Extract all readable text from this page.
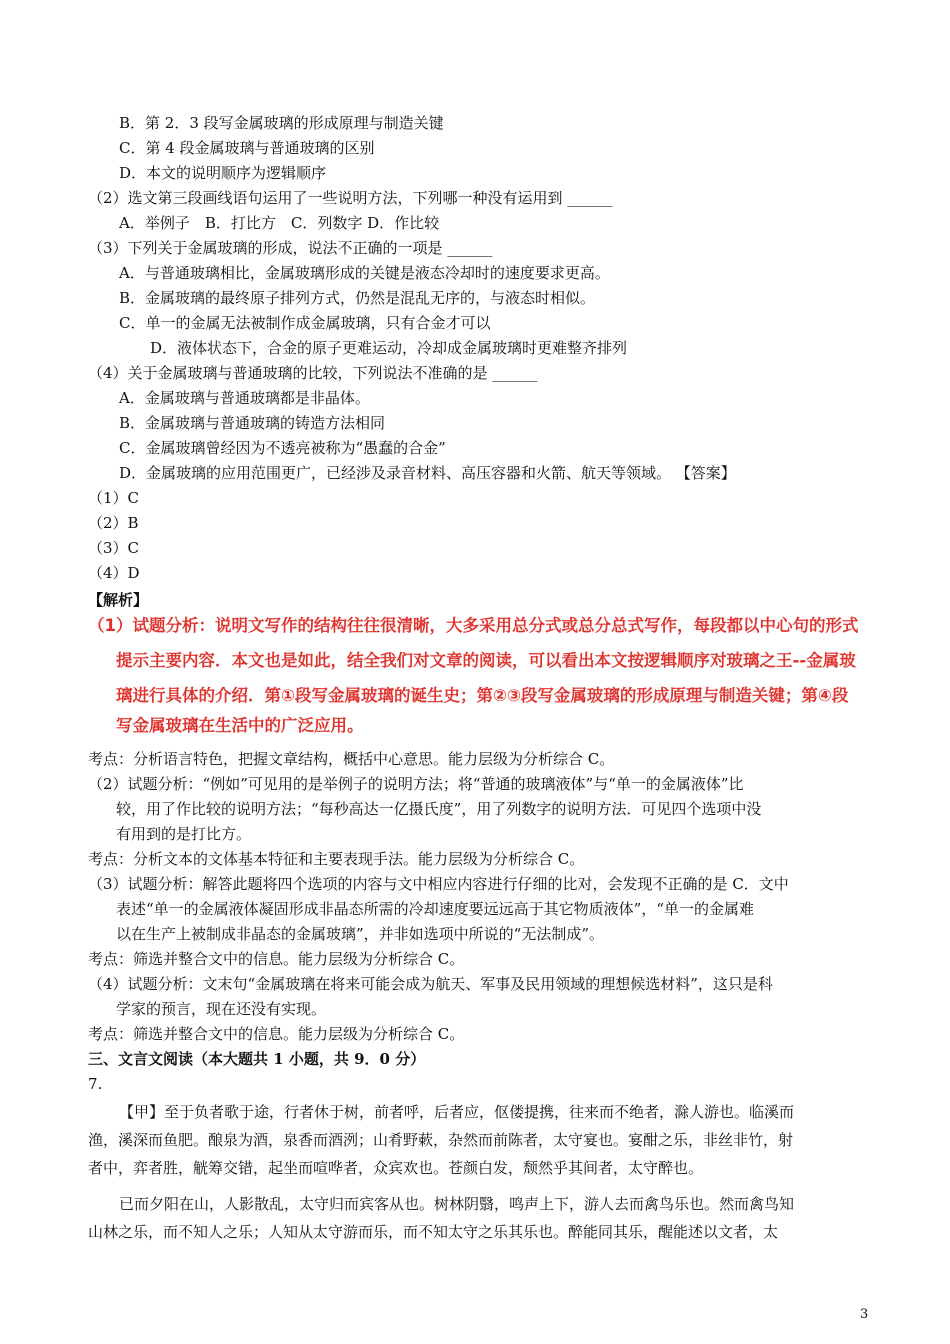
B．第 2．3 段写金属玻璃的形成原理与制造关键
C．第 4 段金属玻璃与普通玻璃的区别
D．本文的说明顺序为逻辑顺序
（2）选文第三段画线语句运用了一些说明方法，下列哪一种没有运用到 ______
A．举例子　B．打比方　C．列数字 D．作比较
（3）下列关于金属玻璃的形成，说法不正确的一项是 ______
A．与普通玻璃相比，金属玻璃形成的关键是液态冷却时的速度要求更高。
B．金属玻璃的最终原子排列方式，仍然是混乱无序的，与液态时相似。
C．单一的金属无法被制作成金属玻璃，只有合金才可以
D．液体状态下，合金的原子更难运动，冷却成金属玻璃时更难整齐排列
（4）关于金属玻璃与普通玻璃的比较，下列说法不准确的是 ______
A．金属玻璃与普通玻璃都是非晶体。
B．金属玻璃与普通玻璃的铸造方法相同
C．金属玻璃曾经因为不透亮被称为“愚蠢的合金”
D．金属玻璃的应用范围更广，已经涉及录音材料、高压容器和火箭、航天等领域。 【答案】
（1）C
（2）B
（3）C
（4）D
【解析】
（1）试题分析：说明文写作的结构往往很清晰，大多采用总分式或总分总式写作，每段都以中心句的形式
提示主要内容．本文也是如此，结全我们对文章的阅读，可以看出本文按逻辑顺序对玻璃之王--金属玻
璃进行具体的介绍．第①段写金属玻璃的诞生史；第②③段写金属玻璃的形成原理与制造关键；第④段
写金属玻璃在生活中的广泛应用。
考点：分析语言特色，把握文章结构，概括中心意思。能力层级为分析综合 C。
（2）试题分析：“例如”可见用的是举例子的说明方法；将“普通的玻璃液体”与“单一的金属液体”比
较，用了作比较的说明方法；“每秒高达一亿摄氏度”，用了列数字的说明方法．可见四个选项中没
有用到的是打比方。
考点：分析文本的文体基本特征和主要表现手法。能力层级为分析综合 C。
（3）试题分析：解答此题将四个选项的内容与文中相应内容进行仔细的比对，会发现不正确的是 C．文中
表述“单一的金属液体凝固形成非晶态所需的冷却速度要远远高于其它物质液体”，“单一的金属难
以在生产上被制成非晶态的金属玻璃”，并非如选项中所说的“无法制成”。
考点：筛选并整合文中的信息。能力层级为分析综合 C。
（4）试题分析：文末句“金属玻璃在将来可能会成为航天、军事及民用领域的理想候选材料”，这只是科
学家的预言，现在还没有实现。
考点：筛选并整合文中的信息。能力层级为分析综合 C。
三、文言文阅读（本大题共 1 小题，共 9．0 分）
7.
【甲】至于负者歌于途，行者休于树，前者呼，后者应，伛偻提携，往来而不绝者，滁人游也。临溪而
渔，溪深而鱼肥。酿泉为酒，泉香而酒洌；山肴野蔌，杂然而前陈者，太守宴也。宴酣之乐，非丝非竹，射
者中，弈者胜，觥筹交错，起坐而喧哗者，众宾欢也。苍颜白发，颓然乎其间者，太守醉也。
已而夕阳在山，人影散乱，太守归而宾客从也。树林阴翳，鸣声上下，游人去而禽鸟乐也。然而禽鸟知
山林之乐，而不知人之乐；人知从太守游而乐，而不知太守之乐其乐也。醉能同其乐，醒能述以文者，太
3
